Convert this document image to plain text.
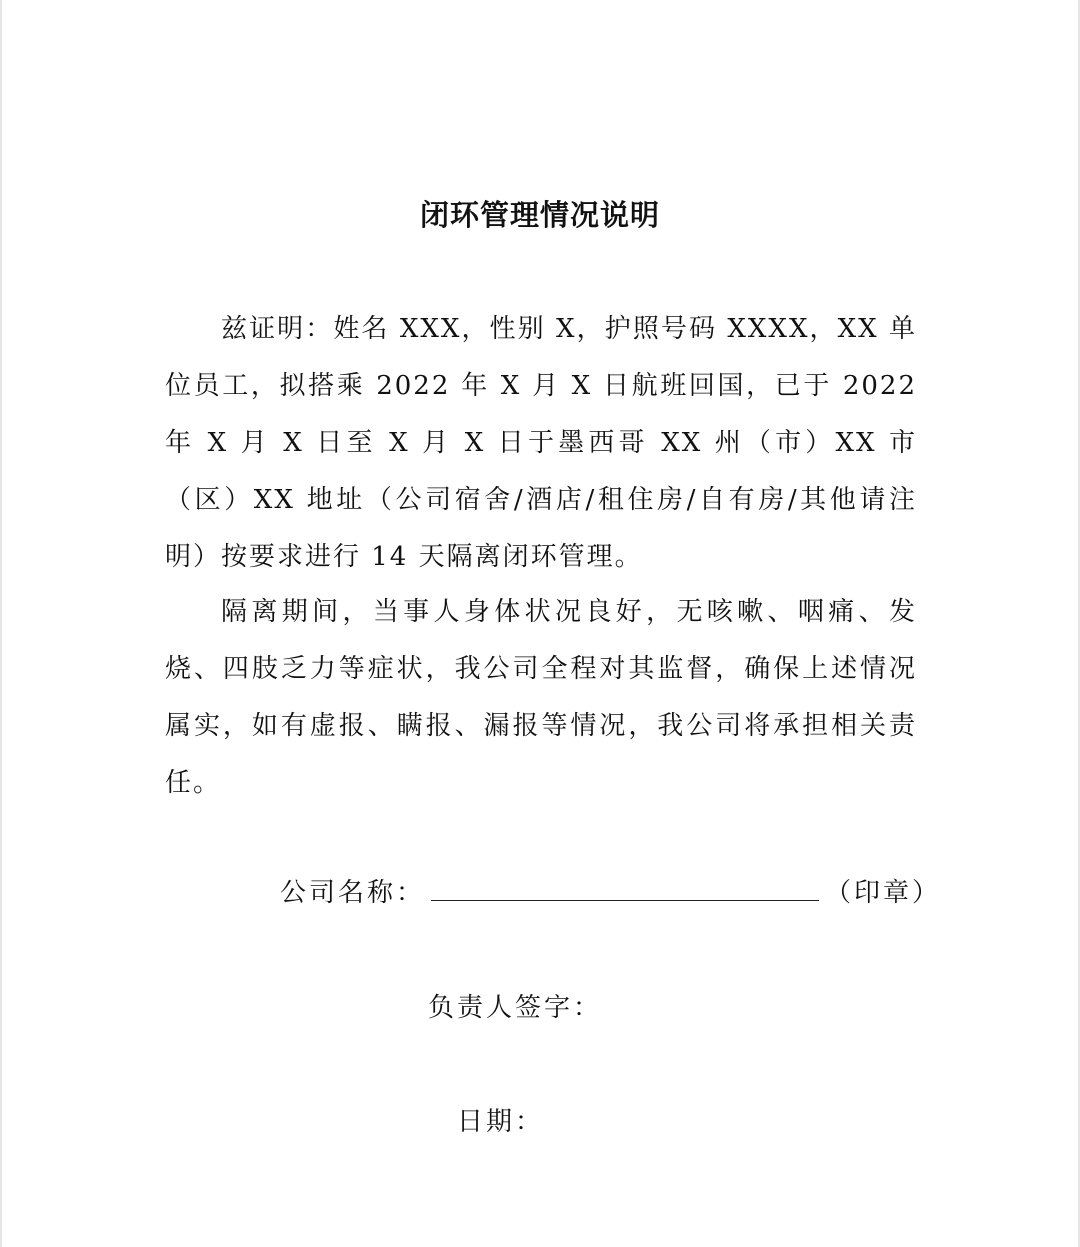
闭环管理情况说明
兹证明：姓名 XXX，性别 X，护照号码 XXXX，XX 单位员工，拟搭乘 2022 年 X 月 X 日航班回国，已于 2022 年 X 月 X 日至 X 月 X 日于墨西哥 XX 州（市）XX 市（区）XX 地址（公司宿舍/酒店/租住房/自有房/其他请注明）按要求进行 14 天隔离闭环管理。
隔离期间，当事人身体状况良好，无咳嗽、咽痛、发烧、四肢乏力等症状，我公司全程对其监督，确保上述情况属实，如有虚报、瞒报、漏报等情况，我公司将承担相关责任。
公司名称：	（印章）
负责人签字：
日期：
